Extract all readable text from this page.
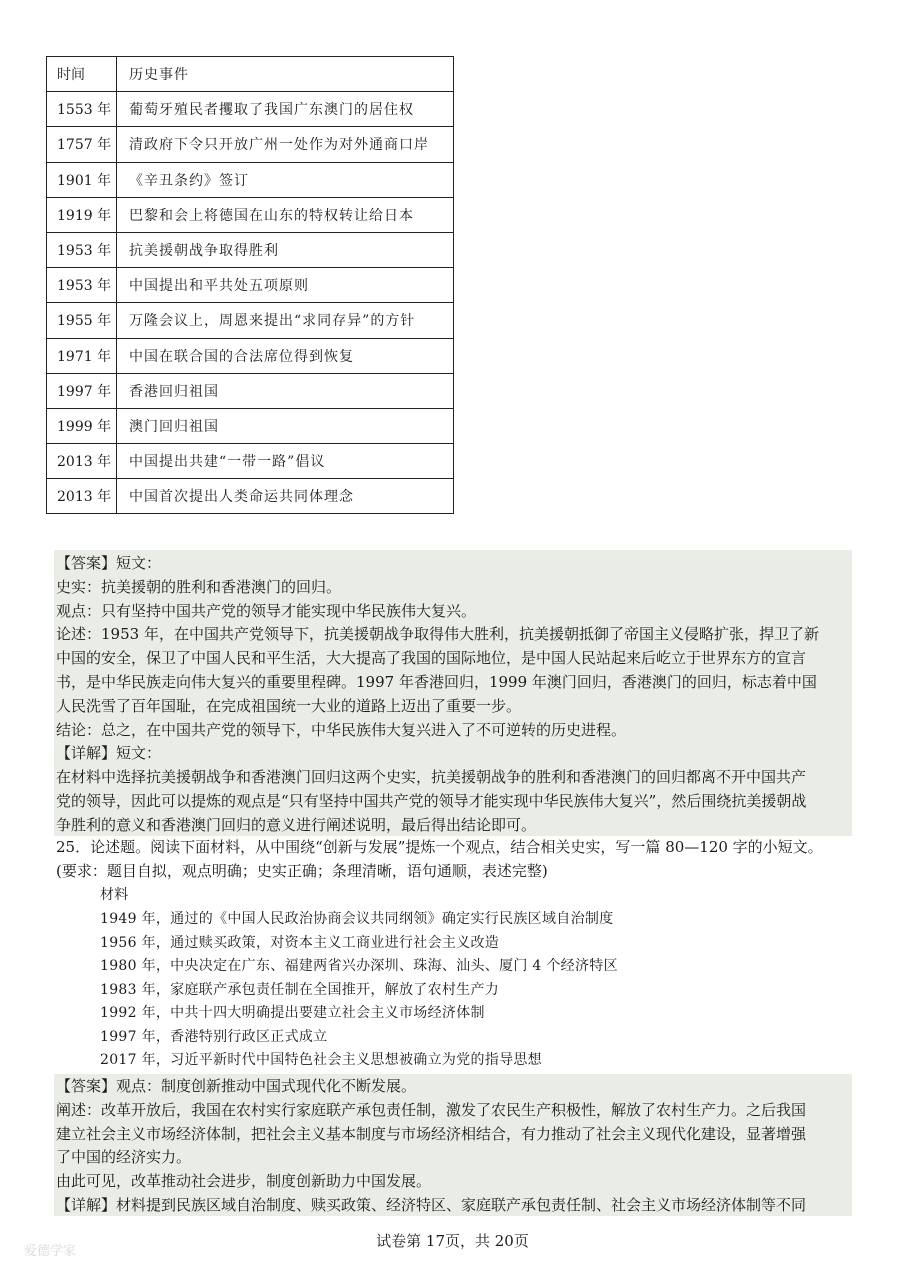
时间	历史事件
1553 年	葡萄牙殖民者攫取了我国广东澳门的居住权
1757 年	清政府下令只开放广州一处作为对外通商口岸
1901 年	《辛丑条约》签订
1919 年	巴黎和会上将德国在山东的特权转让给日本
1953 年	抗美援朝战争取得胜利
1953 年	中国提出和平共处五项原则
1955 年	万隆会议上，周恩来提出“求同存异”的方针
1971 年	中国在联合国的合法席位得到恢复
1997 年	香港回归祖国
1999 年	澳门回归祖国
2013 年	中国提出共建“一带一路”倡议
2013 年	中国首次提出人类命运共同体理念
【答案】短文：
史实：抗美援朝的胜利和香港澳门的回归。
观点：只有坚持中国共产党的领导才能实现中华民族伟大复兴。
论述：1953 年，在中国共产党领导下，抗美援朝战争取得伟大胜利，抗美援朝抵御了帝国主义侵略扩张，捍卫了新
中国的安全，保卫了中国人民和平生活，大大提高了我国的国际地位，是中国人民站起来后屹立于世界东方的宣言
书，是中华民族走向伟大复兴的重要里程碑。1997 年香港回归，1999 年澳门回归，香港澳门的回归，标志着中国
人民洗雪了百年国耻，在完成祖国统一大业的道路上迈出了重要一步。
结论：总之，在中国共产党的领导下，中华民族伟大复兴进入了不可逆转的历史进程。
【详解】短文：
在材料中选择抗美援朝战争和香港澳门回归这两个史实，抗美援朝战争的胜利和香港澳门的回归都离不开中国共产
党的领导，因此可以提炼的观点是“只有坚持中国共产党的领导才能实现中华民族伟大复兴”，然后围绕抗美援朝战
争胜利的意义和香港澳门回归的意义进行阐述说明，最后得出结论即可。
25．论述题。阅读下面材料，从中围绕“创新与发展”提炼一个观点，结合相关史实，写一篇 80—120 字的小短文。
(要求：题目自拟，观点明确；史实正确；条理清晰，语句通顺，表述完整)
材料
1949 年，通过的《中国人民政治协商会议共同纲领》确定实行民族区域自治制度
1956 年，通过赎买政策，对资本主义工商业进行社会主义改造
1980 年，中央决定在广东、福建两省兴办深圳、珠海、汕头、厦门 4 个经济特区
1983 年，家庭联产承包责任制在全国推开，解放了农村生产力
1992 年，中共十四大明确提出要建立社会主义市场经济体制
1997 年，香港特别行政区正式成立
2017 年，习近平新时代中国特色社会主义思想被确立为党的指导思想
【答案】观点：制度创新推动中国式现代化不断发展。
阐述：改革开放后，我国在农村实行家庭联产承包责任制，激发了农民生产积极性，解放了农村生产力。之后我国
建立社会主义市场经济体制，把社会主义基本制度与市场经济相结合，有力推动了社会主义现代化建设，显著增强
了中国的经济实力。
由此可见，改革推动社会进步，制度创新助力中国发展。
【详解】材料提到民族区域自治制度、赎买政策、经济特区、家庭联产承包责任制、社会主义市场经济体制等不同
试卷第 17页，共 20页
爱德学家
